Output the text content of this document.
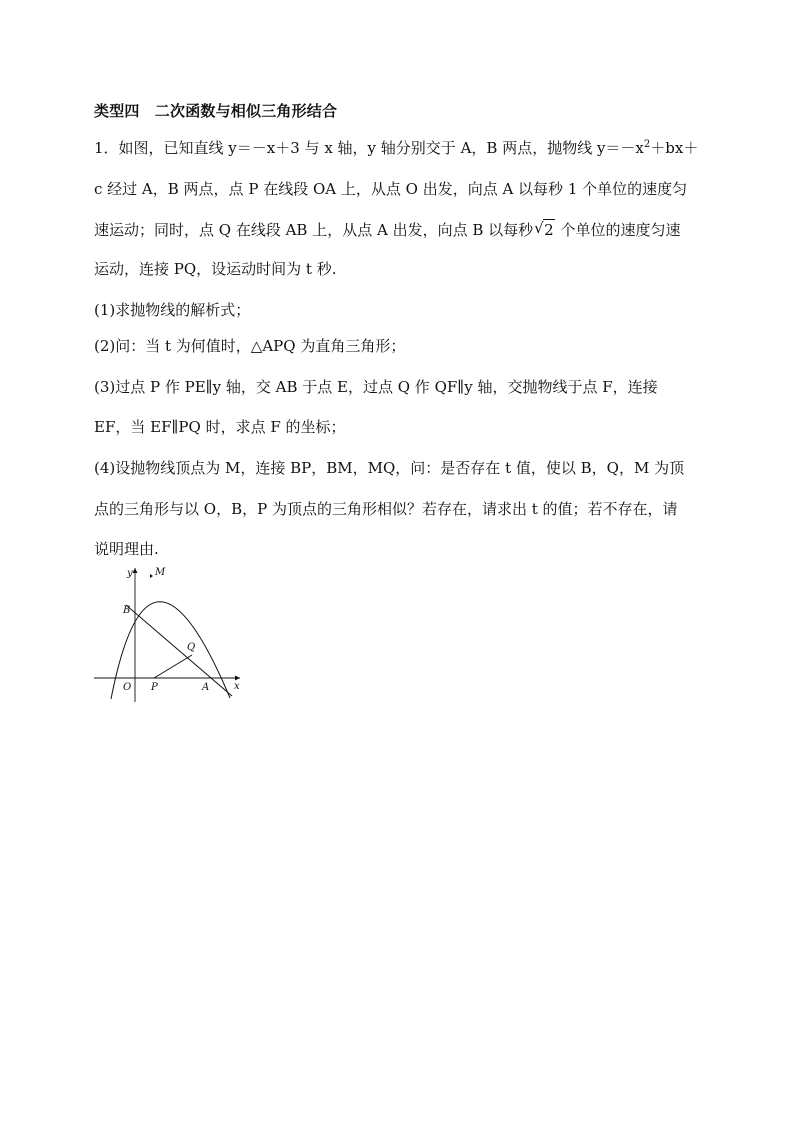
类型四　二次函数与相似三角形结合
1．如图，已知直线 y＝－x＋3 与 x 轴，y 轴分别交于 A，B 两点，抛物线 $y=-x^2+bx+$
c 经过 A，B 两点，点 P 在线段 OA 上，从点 O 出发，向点 A 以每秒 1 个单位的速度匀
速运动；同时，点 Q 在线段 AB 上，从点 A 出发，向点 B 以每秒 √ 2 个单位的速度匀速
运动，连接 PQ，设运动时间为 t 秒.
(1)求抛物线的解析式；
(2)问：当 t 为何值时，△APQ 为直角三角形；
(3)过点 P 作 PE∥y 轴，交 AB 于点 E，过点 Q 作 QF∥y 轴，交抛物线于点 F，连接
EF，当 EF∥PQ 时，求点 F 的坐标；
(4)设抛物线顶点为 M，连接 BP，BM，MQ，问：是否存在 t 值，使以 B，Q，M 为顶
点的三角形与以 O，B，P 为顶点的三角形相似？若存在，请求出 t 的值；若不存在，请
说明理由.
y
x
M
B
Q
O P	A
